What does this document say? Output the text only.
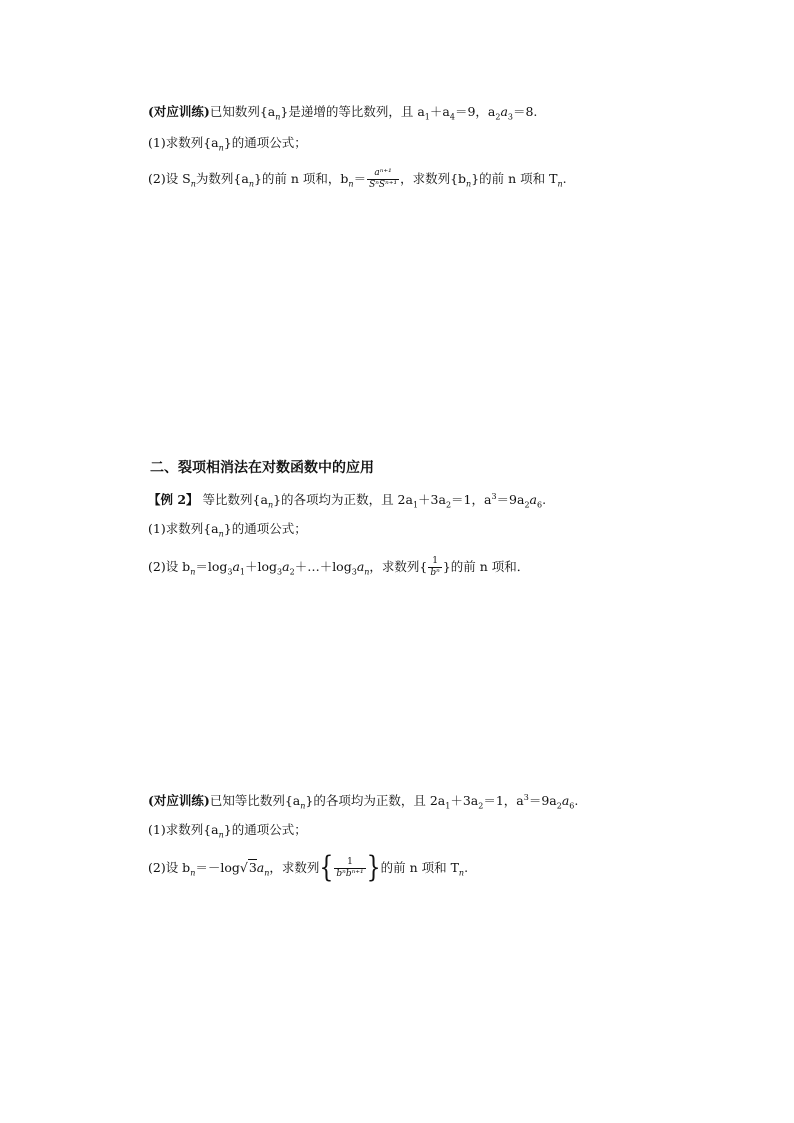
(对应训练)已知数列$\{a_n\}$是递增的等比数列，且 $a_1+a_4=9$，$a_2a_3=8$.
(1)求数列$\{a_n\}$的通项公式；
(2)设 $S_n$为数列$\{a_n\}$的前 n 项和，$b_n= \frac{\text{aⁿ⁺¹}}{\text{SⁿSⁿ⁺¹}}$ ，求数列$\{b_n\}$的前 n 项和 $T_n$.
二、裂项相消法在对数函数中的应用
【例 2】 等比数列$\{a_n\}$的各项均为正数，且 $2a_1+3a_2=1$，$a^3=9a_2a_6$.
(1)求数列$\{a_n\}$的通项公式；
(2)设 $b_n=\log_3a_1+\log_3a_2+\dots+\log_3a_n$，求数列{ $\frac{1}{\text{bⁿ}}$ }的前 n 项和．
(对应训练)已知等比数列$\{a_n\}$的各项均为正数，且 $2a_1+3a_2=1$，$a^3=9a_2a_6$.
(1)求数列$\{a_n\}$的通项公式；
(2)设 $b_n=-\log√3a_n$，求数列{ $\frac{1}{\text{bⁿbⁿ⁺¹}}$ }的前 n 项和 $T_n$.
